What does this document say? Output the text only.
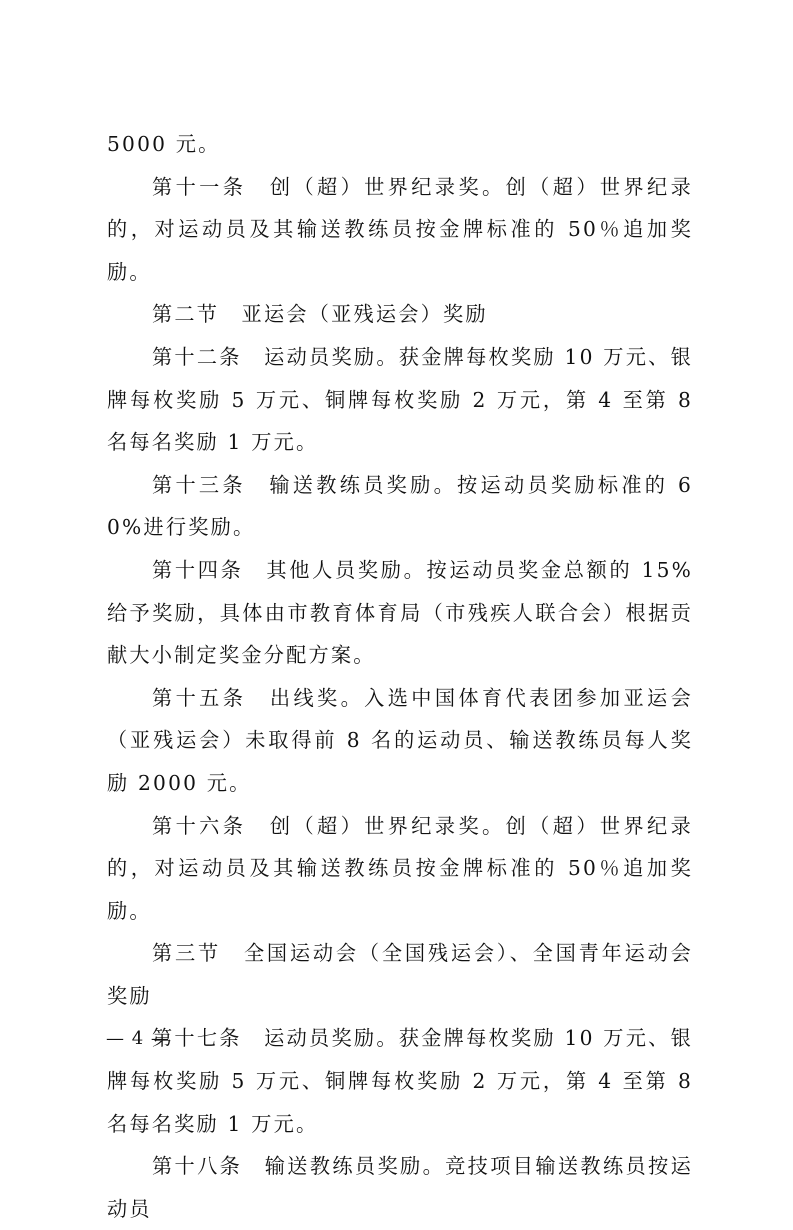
5000 元。

第十一条　创（超）世界纪录奖。创（超）世界纪录的，对运动员及其输送教练员按金牌标准的 50％追加奖励。

第二节　亚运会（亚残运会）奖励

第十二条　运动员奖励。获金牌每枚奖励 10 万元、银牌每枚奖励 5 万元、铜牌每枚奖励 2 万元，第 4 至第 8 名每名奖励 1 万元。

第十三条　输送教练员奖励。按运动员奖励标准的 60%进行奖励。

第十四条　其他人员奖励。按运动员奖金总额的 15%给予奖励，具体由市教育体育局（市残疾人联合会）根据贡献大小制定奖金分配方案。

第十五条　出线奖。入选中国体育代表团参加亚运会（亚残运会）未取得前 8 名的运动员、输送教练员每人奖励 2000 元。

第十六条　创（超）世界纪录奖。创（超）世界纪录的，对运动员及其输送教练员按金牌标准的 50％追加奖励。

第三节　全国运动会（全国残运会）、全国青年运动会奖励

第十七条　运动员奖励。获金牌每枚奖励 10 万元、银牌每枚奖励 5 万元、铜牌每枚奖励 2 万元，第 4 至第 8 名每名奖励 1 万元。

第十八条　输送教练员奖励。竞技项目输送教练员按运动员

— 4 —
